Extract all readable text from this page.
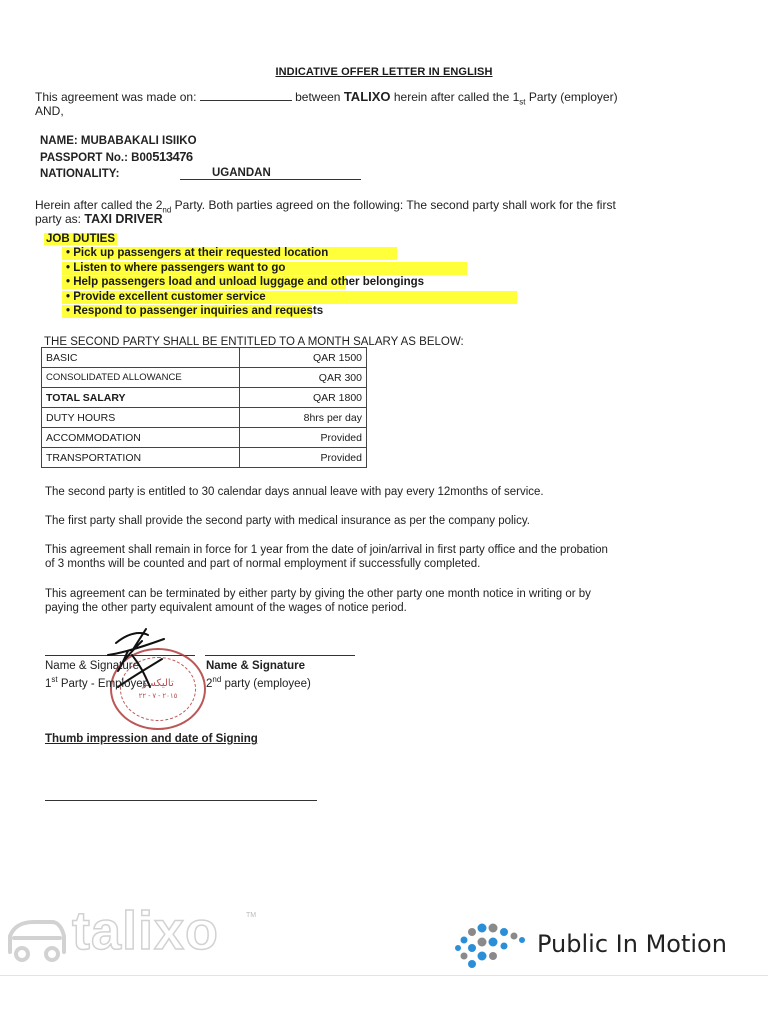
INDICATIVE OFFER LETTER IN ENGLISH
This agreement was made on:	between TALIXO herein after called the $1_{st}$ Party (employer)
AND,
NAME: MUBABAKALI ISIIKO
PASSPORT No.: B00513476
NATIONALITY:	UGANDAN
Herein after called the $2_{nd}$ Party. Both parties agreed on the following: The second party shall work for the first
party as: TAXI DRIVER
JOB DUTIES
• Pick up passengers at their requested location
• Listen to where passengers want to go
• Help passengers load and unload luggage and other belongings
• Provide excellent customer service
• Respond to passenger inquiries and requests
THE SECOND PARTY SHALL BE ENTITLED TO A MONTH SALARY AS BELOW:
BASIC	QAR 1500
CONSOLIDATED ALLOWANCE	QAR 300
TOTAL SALARY	QAR 1800
DUTY HOURS	8hrs per day
ACCOMMODATION	Provided
TRANSPORTATION	Provided
The second party is entitled to 30 calendar days annual leave with pay every 12months of service.
The first party shall provide the second party with medical insurance as per the company policy.
This agreement shall remain in force for 1 year from the date of join/arrival in first party office and the probation
of 3 months will be counted and part of normal employment if successfully completed.
This agreement can be terminated by either party by giving the other party one month notice in writing or by
paying the other party equivalent amount of the wages of notice period.
تاليكسو
٢٠١٥ - ٧ - ٢٢
Name & Signature
1st Party - Employer
Name & Signature
2nd party (employee)
Thumb impression and date of Signing
talixo	TM
Public In Motion
